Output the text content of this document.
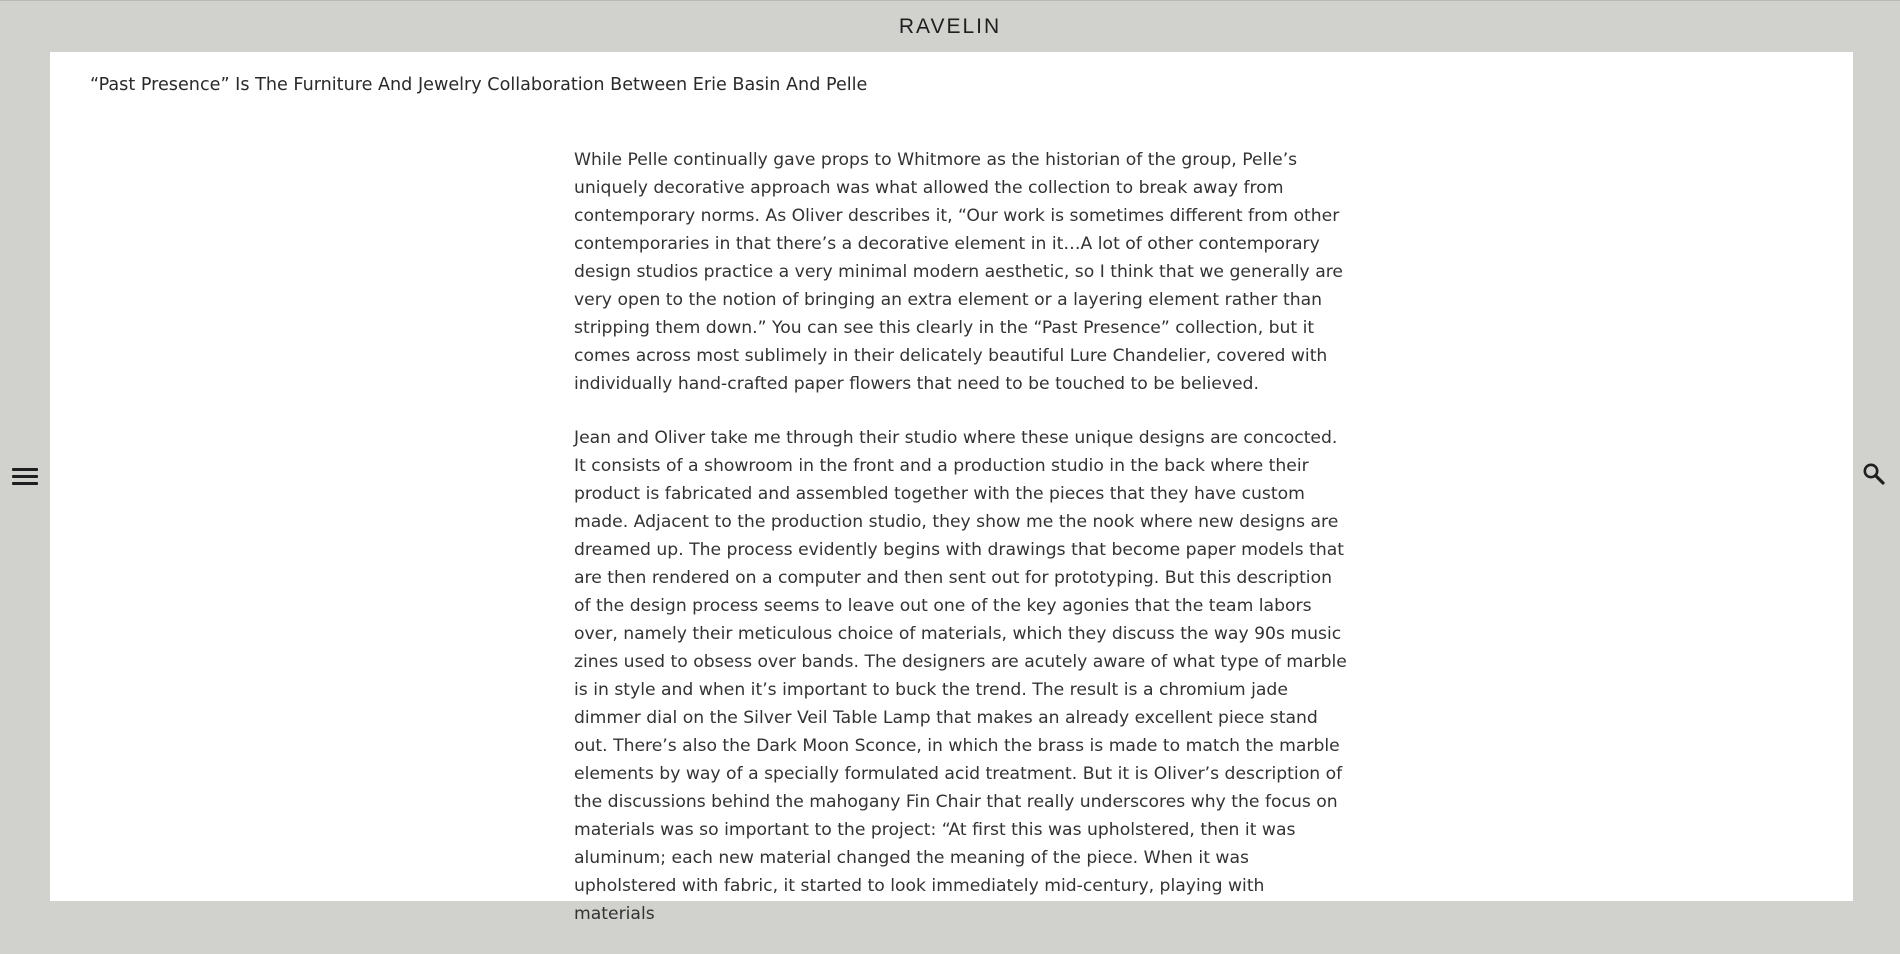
RAVELIN
“Past Presence” Is The Furniture And Jewelry Collaboration Between Erie Basin And Pelle

While Pelle continually gave props to Whitmore as the historian of the group, Pelle’s uniquely decorative approach was what allowed the collection to break away from contemporary norms. As Oliver describes it, “Our work is sometimes different from other contemporaries in that there’s a decorative element in it…A lot of other contemporary design studios practice a very minimal modern aesthetic, so I think that we generally are very open to the notion of bringing an extra element or a layering element rather than stripping them down.” You can see this clearly in the “Past Presence” collection, but it comes across most sublimely in their delicately beautiful Lure Chandelier, covered with individually hand-crafted paper flowers that need to be touched to be believed.

Jean and Oliver take me through their studio where these unique designs are concocted. It consists of a showroom in the front and a production studio in the back where their product is fabricated and assembled together with the pieces that they have custom made. Adjacent to the production studio, they show me the nook where new designs are dreamed up. The process evidently begins with drawings that become paper models that are then rendered on a computer and then sent out for prototyping. But this description of the design process seems to leave out one of the key agonies that the team labors over, namely their meticulous choice of materials, which they discuss the way 90s music zines used to obsess over bands. The designers are acutely aware of what type of marble is in style and when it’s important to buck the trend. The result is a chromium jade dimmer dial on the Silver Veil Table Lamp that makes an already excellent piece stand out. There’s also the Dark Moon Sconce, in which the brass is made to match the marble elements by way of a specially formulated acid treatment. But it is Oliver’s description of the discussions behind the mahogany Fin Chair that really underscores why the focus on materials was so important to the project: “At first this was upholstered, then it was aluminum; each new material changed the meaning of the piece. When it was upholstered with fabric, it started to look immediately mid-century, playing with materials
